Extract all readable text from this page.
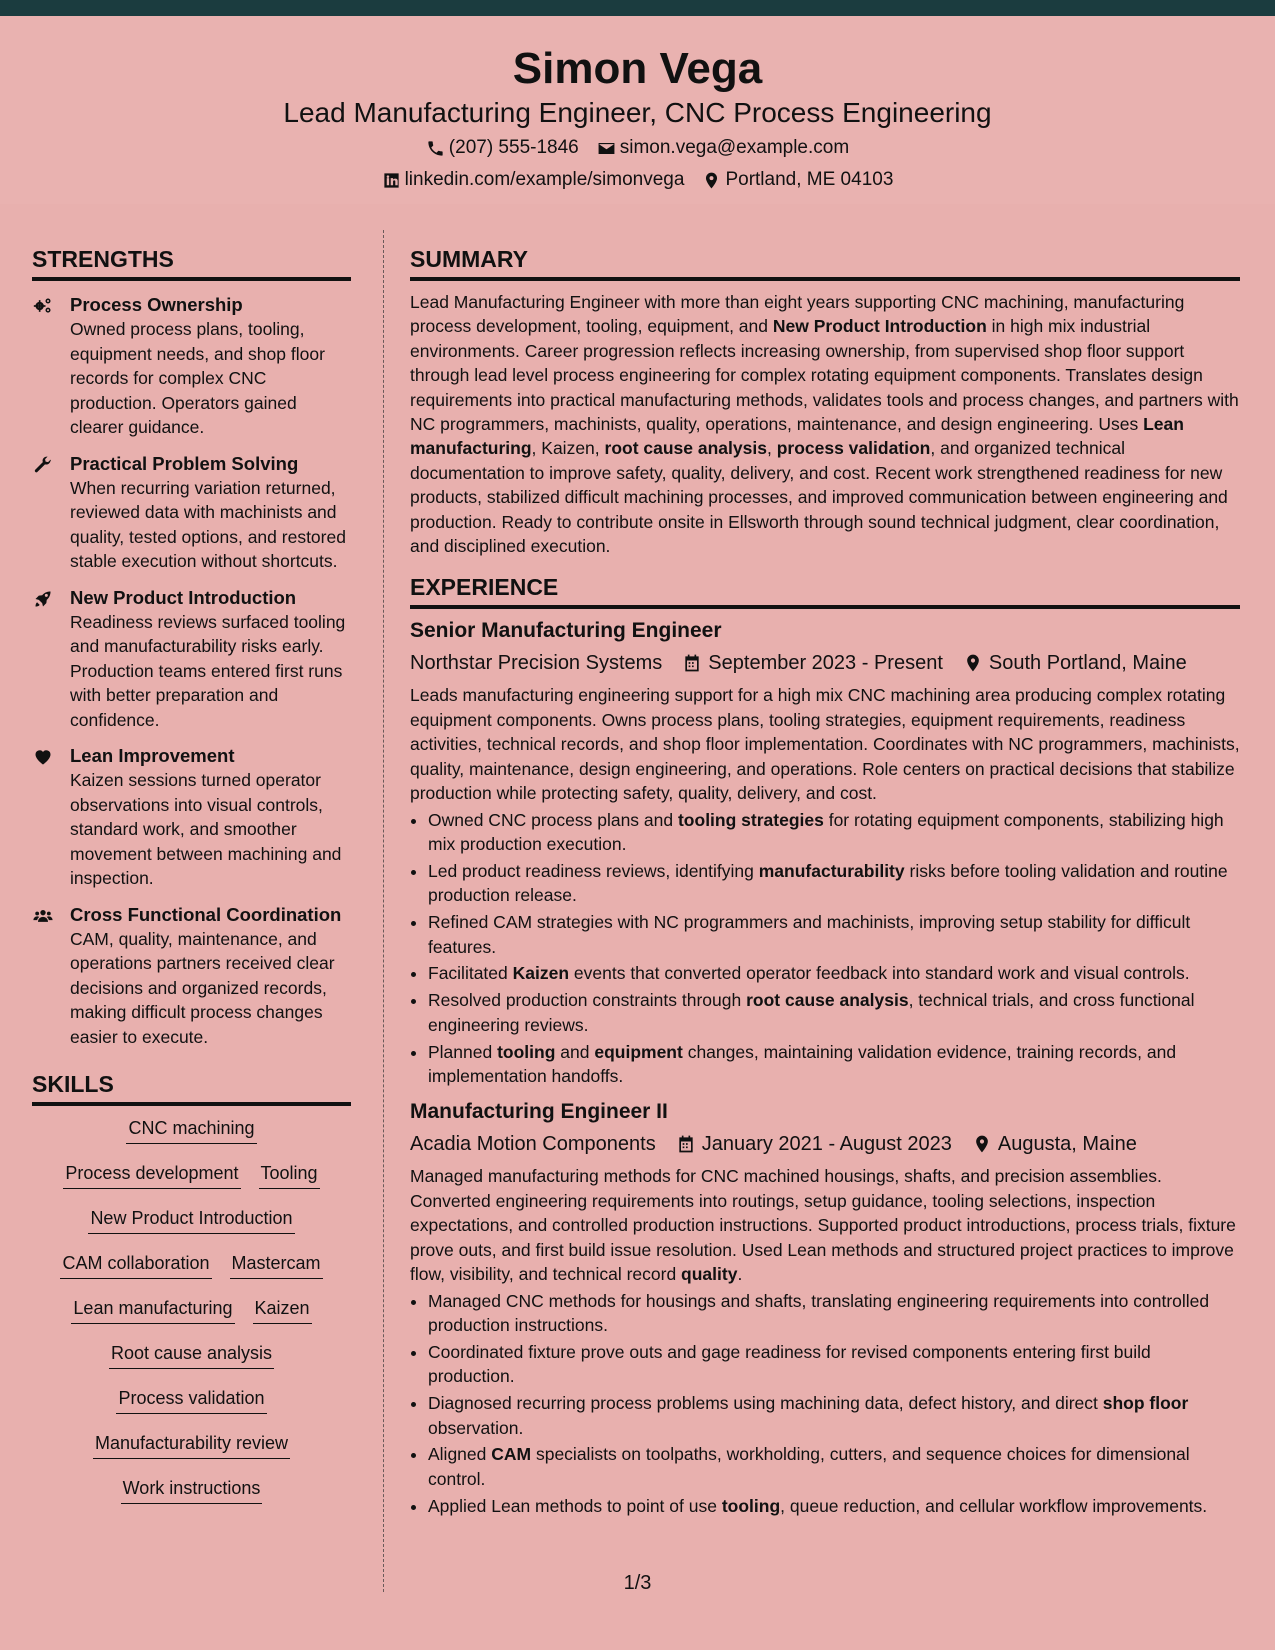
Simon Vega
Lead Manufacturing Engineer, CNC Process Engineering
(207) 555-1846 simon.vega@example.com
linkedin.com/example/simonvega Portland, ME 04103
STRENGTHS
Process Ownership
Owned process plans, tooling, equipment needs, and shop floor records for complex CNC production. Operators gained clearer guidance.
Practical Problem Solving
When recurring variation returned, reviewed data with machinists and quality, tested options, and restored stable execution without shortcuts.
New Product Introduction
Readiness reviews surfaced tooling and manufacturability risks early. Production teams entered first runs with better preparation and confidence.
Lean Improvement
Kaizen sessions turned operator observations into visual controls, standard work, and smoother movement between machining and inspection.
Cross Functional Coordination
CAM, quality, maintenance, and operations partners received clear decisions and organized records, making difficult process changes easier to execute.
SKILLS
CNC machining
Process development Tooling
New Product Introduction
CAM collaboration Mastercam
Lean manufacturing Kaizen
Root cause analysis
Process validation
Manufacturability review
Work instructions
SUMMARY
Lead Manufacturing Engineer with more than eight years supporting CNC machining, manufacturing process development, tooling, equipment, and New Product Introduction in high mix industrial environments. Career progression reflects increasing ownership, from supervised shop floor support through lead level process engineering for complex rotating equipment components. Translates design requirements into practical manufacturing methods, validates tools and process changes, and partners with NC programmers, machinists, quality, operations, maintenance, and design engineering. Uses Lean manufacturing, Kaizen, root cause analysis, process validation, and organized technical documentation to improve safety, quality, delivery, and cost. Recent work strengthened readiness for new products, stabilized difficult machining processes, and improved communication between engineering and production. Ready to contribute onsite in Ellsworth through sound technical judgment, clear coordination, and disciplined execution.
EXPERIENCE
Senior Manufacturing Engineer
Northstar Precision Systems September 2023 - Present South Portland, Maine
Leads manufacturing engineering support for a high mix CNC machining area producing complex rotating equipment components. Owns process plans, tooling strategies, equipment requirements, readiness activities, technical records, and shop floor implementation. Coordinates with NC programmers, machinists, quality, maintenance, design engineering, and operations. Role centers on practical decisions that stabilize production while protecting safety, quality, delivery, and cost.
• Owned CNC process plans and tooling strategies for rotating equipment components, stabilizing high mix production execution.
• Led product readiness reviews, identifying manufacturability risks before tooling validation and routine production release.
• Refined CAM strategies with NC programmers and machinists, improving setup stability for difficult features.
• Facilitated Kaizen events that converted operator feedback into standard work and visual controls.
• Resolved production constraints through root cause analysis, technical trials, and cross functional engineering reviews.
• Planned tooling and equipment changes, maintaining validation evidence, training records, and implementation handoffs.
Manufacturing Engineer II
Acadia Motion Components January 2021 - August 2023 Augusta, Maine
Managed manufacturing methods for CNC machined housings, shafts, and precision assemblies. Converted engineering requirements into routings, setup guidance, tooling selections, inspection expectations, and controlled production instructions. Supported product introductions, process trials, fixture prove outs, and first build issue resolution. Used Lean methods and structured project practices to improve flow, visibility, and technical record quality.
• Managed CNC methods for housings and shafts, translating engineering requirements into controlled production instructions.
• Coordinated fixture prove outs and gage readiness for revised components entering first build production.
• Diagnosed recurring process problems using machining data, defect history, and direct shop floor observation.
• Aligned CAM specialists on toolpaths, workholding, cutters, and sequence choices for dimensional control.
• Applied Lean methods to point of use tooling, queue reduction, and cellular workflow improvements.
1/3
